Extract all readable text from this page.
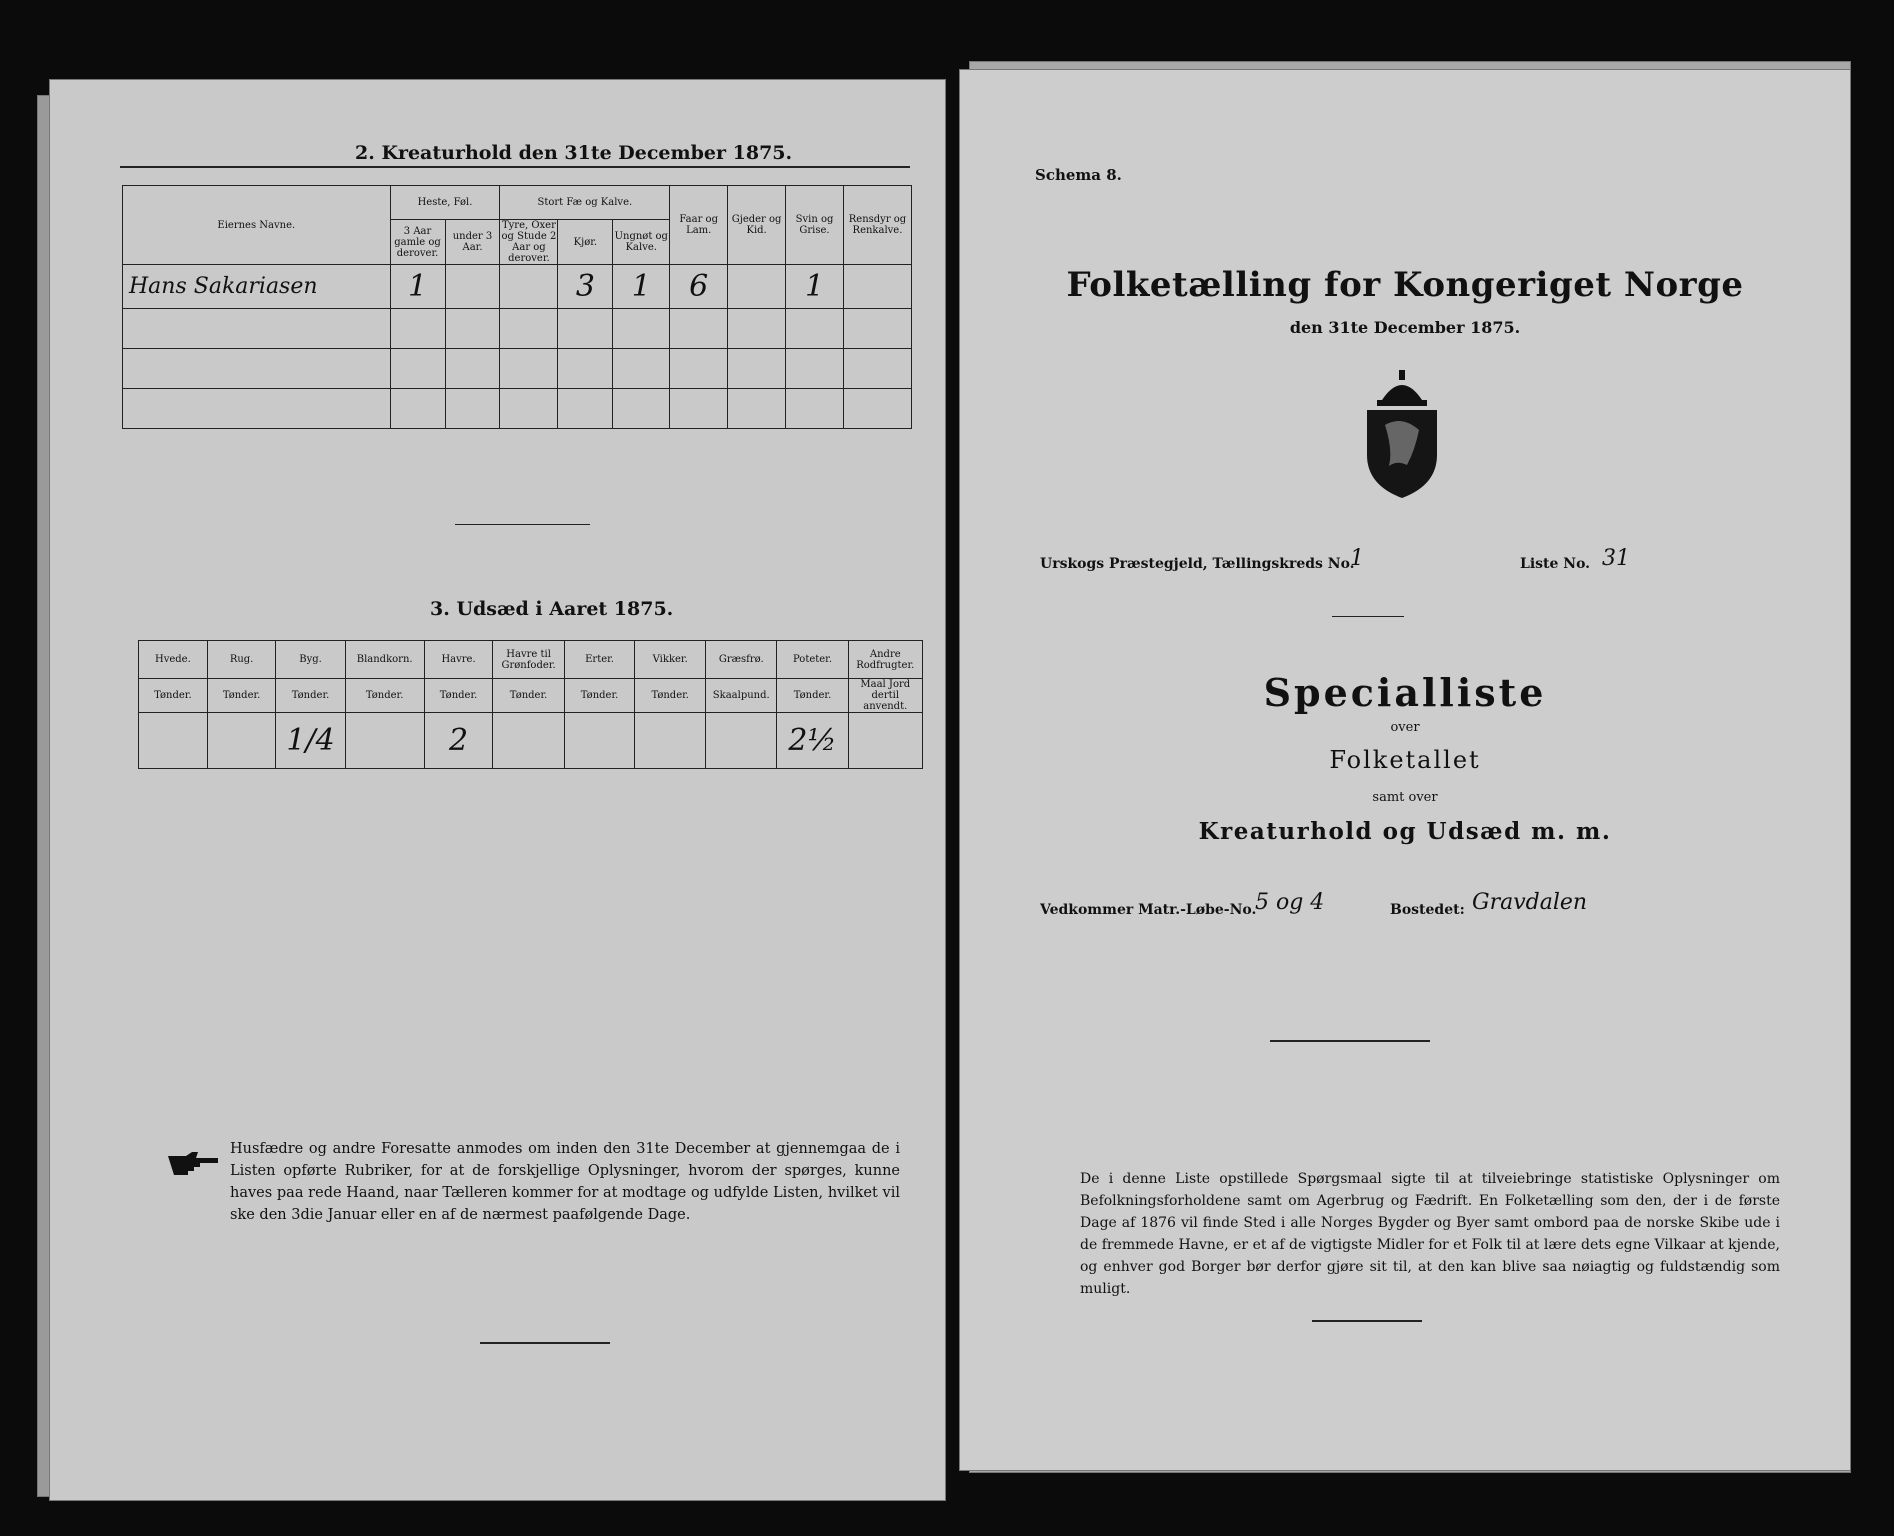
2. Kreaturhold den 31te December 1875.
Eiernes Navne.	Heste, Føl.		Stort Fæ og Kalve.			Faar og Lam.	Gjeder og Kid.	Svin og Grise.	Rensdyr og Renkalve.
	3 Aar gamle og derover.	under 3 Aar.	Tyre, Oxer og Stude 2 Aar og derover.	Kjør.	Ungnøt og Kalve.				
Hans Sakariasen	1			3	1	6		1	

3. Udsæd i Aaret 1875.
Hvede.	Rug.	Byg.	Blandkorn.	Havre.	Havre til Grønfoder.	Erter.	Vikker.	Græsfrø.	Poteter.	Andre Rodfrugter.
Tønder.	Tønder.	Tønder.	Tønder.	Tønder.	Tønder.	Tønder.	Tønder.	Skaalpund.	Tønder.	Maal Jord dertil anvendt.
		1/4		2					2½	
Husfædre og andre Foresatte anmodes om inden den 31te December at gjennemgaa de i Listen opførte Rubriker, for at de forskjellige Oplysninger, hvorom der spørges, kunne haves paa rede Haand, naar Tælleren kommer for at modtage og udfylde Listen, hvilket vil ske den 3die Januar eller en af de nærmest paafølgende Dage.
Schema 8.
Folketælling for Kongeriget Norge
den 31te December 1875.
Urskogs Præstegjeld, Tællingskreds No.
1	Liste No. 31
Specialliste
over
Folketallet
samt over
Kreaturhold og Udsæd m. m.
Vedkommer Matr.-Løbe-No.
5 og 4	Bostedet: Gravdalen
De i denne Liste opstillede Spørgsmaal sigte til at tilveiebringe statistiske Oplysninger om Befolkningsforholdene samt om Agerbrug og Fædrift. En Folketælling som den, der i de første Dage af 1876 vil finde Sted i alle Norges Bygder og Byer samt ombord paa de norske Skibe ude i de fremmede Havne, er et af de vigtigste Midler for et Folk til at lære dets egne Vilkaar at kjende, og enhver god Borger bør derfor gjøre sit til, at den kan blive saa nøiagtig og fuldstændig som muligt.
